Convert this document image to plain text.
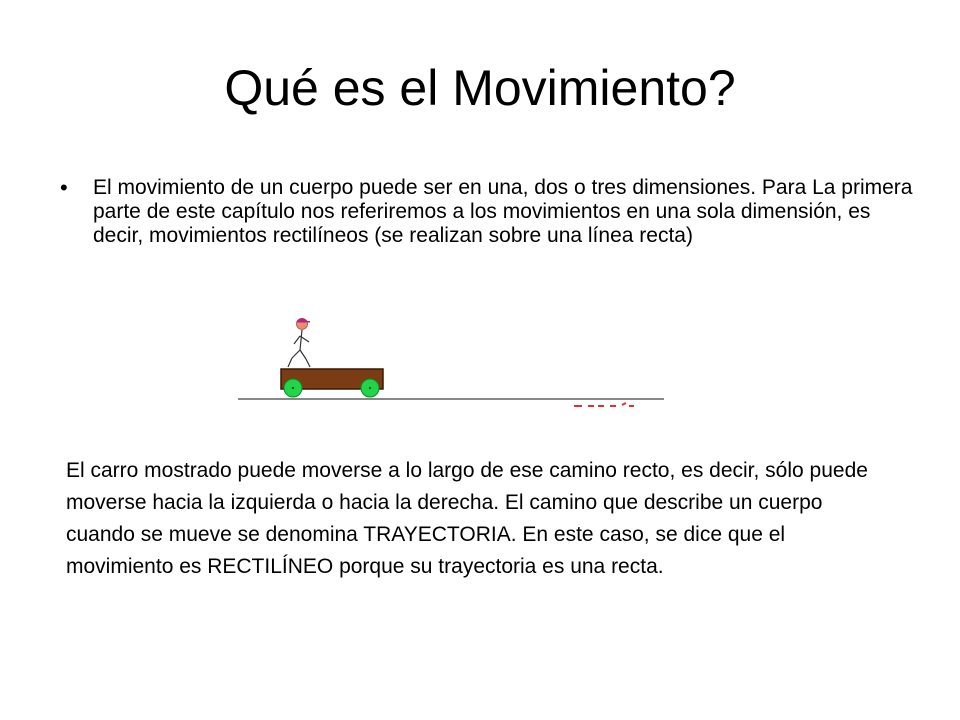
Qué es el Movimiento?
• El movimiento de un cuerpo puede ser en una, dos o tres dimensiones. Para La primera parte de este capítulo nos referiremos a los movimientos en una sola dimensión, es decir, movimientos rectilíneos (se realizan sobre una línea recta)

El carro mostrado puede moverse a lo largo de ese camino recto, es decir, sólo puede moverse hacia la izquierda o hacia la derecha. El camino que describe un cuerpo cuando se mueve se denomina TRAYECTORIA. En este caso, se dice que el movimiento es RECTILÍNEO porque su trayectoria es una recta.
